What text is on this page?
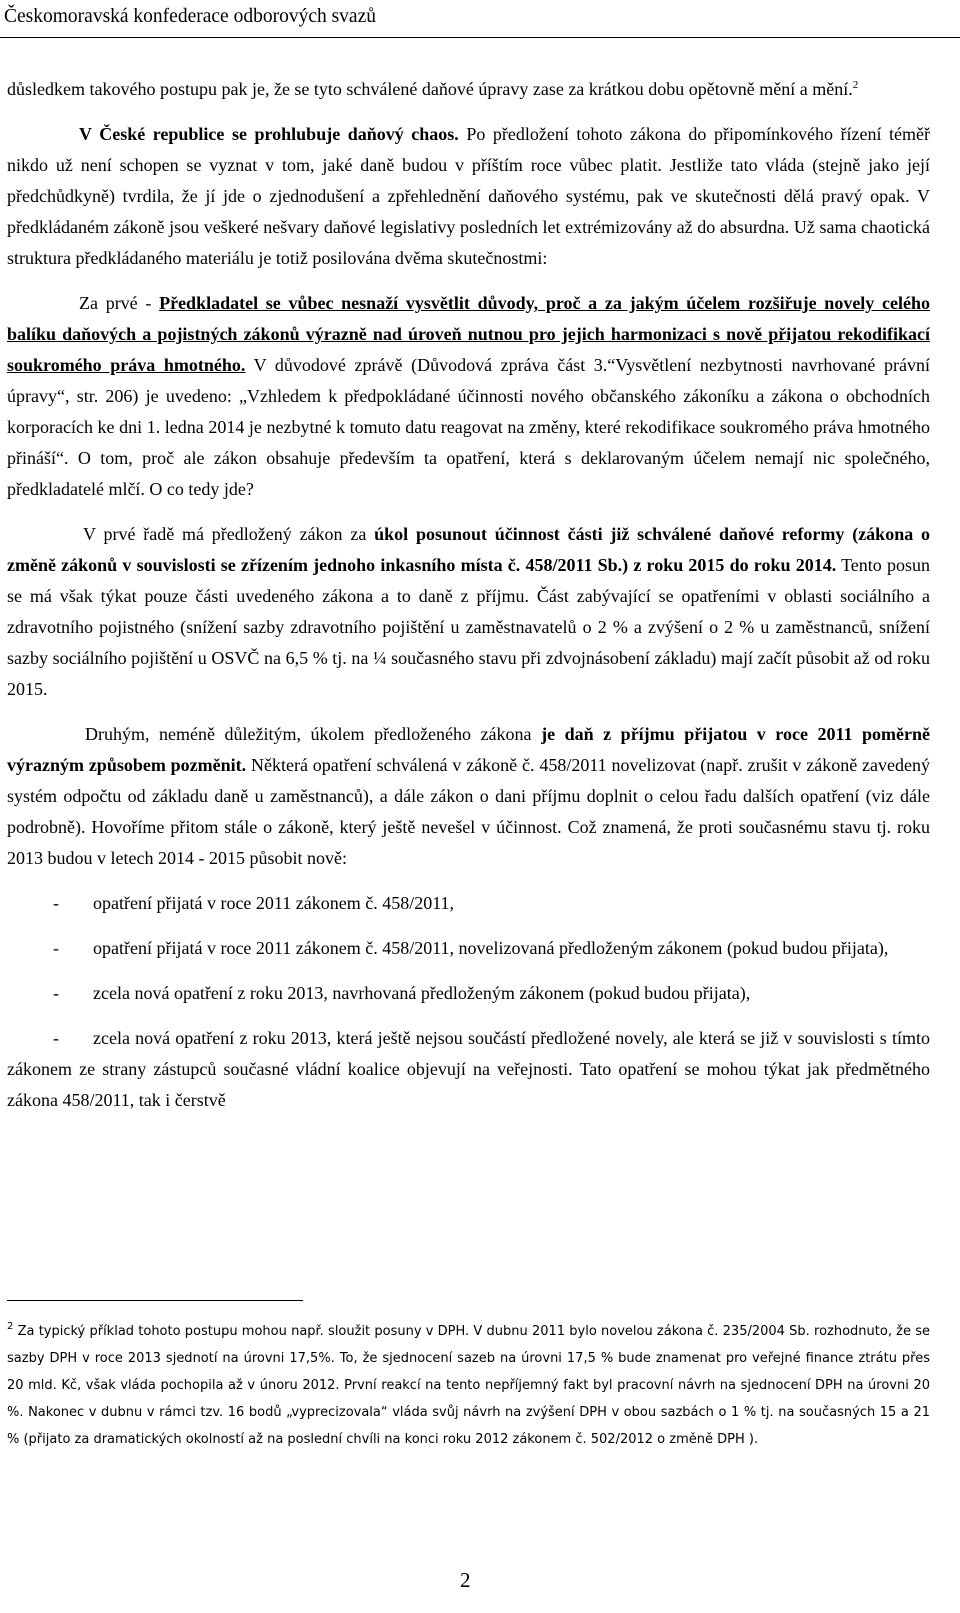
Českomoravská konfederace odborových svazů

důsledkem takového postupu pak je, že se tyto schválené daňové úpravy zase za krátkou dobu opětovně mění a mění.$^2$

V České republice se prohlubuje daňový chaos. Po předložení tohoto zákona do připomínkového řízení téměř nikdo už není schopen se vyznat v tom, jaké daně budou v příštím roce vůbec platit. Jestliže tato vláda (stejně jako její předchůdkyně) tvrdila, že jí jde o zjednodušení a zpřehlednění daňového systému, pak ve skutečnosti dělá pravý opak. V předkládaném zákoně jsou veškeré nešvary daňové legislativy posledních let extrémizovány až do absurdna. Už sama chaotická struktura předkládaného materiálu je totiž posilována dvěma skutečnostmi:

Za prvé - Předkladatel se vůbec nesnaží vysvětlit důvody, proč a za jakým účelem rozšiřuje novely celého balíku daňových a pojistných zákonů výrazně nad úroveň nutnou pro jejich harmonizaci s nově přijatou rekodifikací soukromého práva hmotného. V důvodové zprávě (Důvodová zpráva část 3.“Vysvětlení nezbytnosti navrhované právní úpravy“, str. 206) je uvedeno: „Vzhledem k předpokládané účinnosti nového občanského zákoníku a zákona o obchodních korporacích ke dni 1. ledna 2014 je nezbytné k tomuto datu reagovat na změny, které rekodifikace soukromého práva hmotného přináší“. O tom, proč ale zákon obsahuje především ta opatření, která s deklarovaným účelem nemají nic společného, předkladatelé mlčí. O co tedy jde?

V prvé řadě má předložený zákon za úkol posunout účinnost části již schválené daňové reformy (zákona o změně zákonů v souvislosti se zřízením jednoho inkasního místa č. 458/2011 Sb.) z roku 2015 do roku 2014. Tento posun se má však týkat pouze části uvedeného zákona a to daně z příjmu. Část zabývající se opatřeními v oblasti sociálního a zdravotního pojistného (snížení sazby zdravotního pojištění u zaměstnavatelů o 2 % a zvýšení o 2 % u zaměstnanců, snížení sazby sociálního pojištění u OSVČ na 6,5 % tj. na ¼ současného stavu při zdvojnásobení základu) mají začít působit až od roku 2015.

Druhým, neméně důležitým, úkolem předloženého zákona je daň z příjmu přijatou v roce 2011 poměrně výrazným způsobem pozměnit. Některá opatření schválená v zákoně č. 458/2011 novelizovat (např. zrušit v zákoně zavedený systém odpočtu od základu daně u zaměstnanců), a dále zákon o dani příjmu doplnit o celou řadu dalších opatření (viz dále podrobně). Hovoříme přitom stále o zákoně, který ještě nevešel v účinnost. Což znamená, že proti současnému stavu tj. roku 2013 budou v letech 2014 - 2015 působit nově:

- opatření přijatá v roce 2011 zákonem č. 458/2011,

- opatření přijatá v roce 2011 zákonem č. 458/2011, novelizovaná předloženým zákonem (pokud budou přijata),

- zcela nová opatření z roku 2013, navrhovaná předloženým zákonem (pokud budou přijata),

- zcela nová opatření z roku 2013, která ještě nejsou součástí předložené novely, ale která se již v souvislosti s tímto zákonem ze strany zástupců současné vládní koalice objevují na veřejnosti. Tato opatření se mohou týkat jak předmětného zákona 458/2011, tak i čerstvě

$^2$ Za typický příklad tohoto postupu mohou např. sloužit posuny v DPH. V dubnu 2011 bylo novelou zákona č. 235/2004 Sb. rozhodnuto, že se sazby DPH v roce 2013 sjednotí na úrovni 17,5%. To, že sjednocení sazeb na úrovni 17,5 % bude znamenat pro veřejné finance ztrátu přes 20 mld. Kč, však vláda pochopila až v únoru 2012. První reakcí na tento nepříjemný fakt byl pracovní návrh na sjednocení DPH na úrovni 20 %. Nakonec v dubnu v rámci tzv. 16 bodů „vyprecizovala“ vláda svůj návrh na zvýšení DPH v obou sazbách o 1 % tj. na současných 15 a 21 % (přijato za dramatických okolností až na poslední chvíli na konci roku 2012 zákonem č. 502/2012 o změně DPH ).
2
